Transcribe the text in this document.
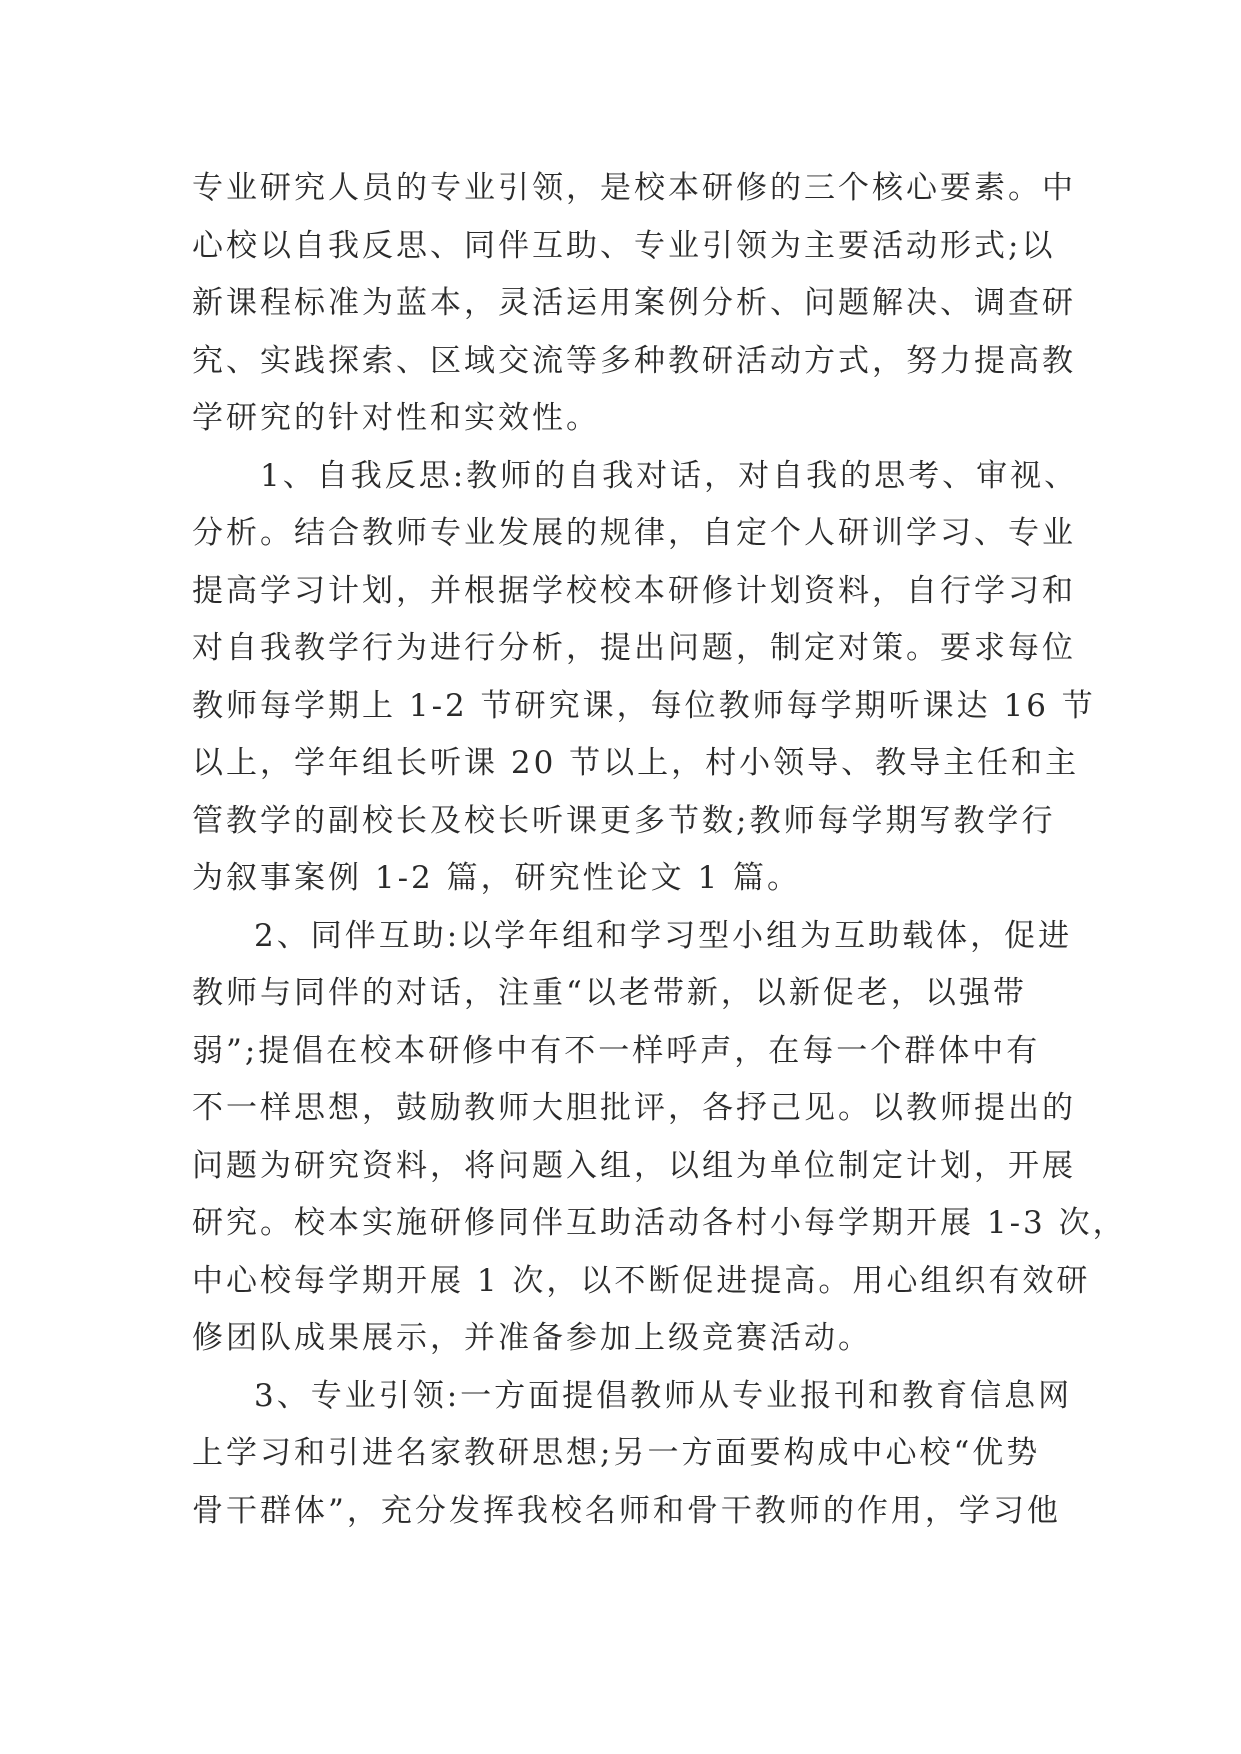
专业研究人员的专业引领，是校本研修的三个核心要素。中
心校以自我反思、同伴互助、专业引领为主要活动形式;以
新课程标准为蓝本，灵活运用案例分析、问题解决、调查研
究、实践探索、区域交流等多种教研活动方式，努力提高教
学研究的针对性和实效性。
1、自我反思:教师的自我对话，对自我的思考、审视、
分析。结合教师专业发展的规律，自定个人研训学习、专业
提高学习计划，并根据学校校本研修计划资料，自行学习和
对自我教学行为进行分析，提出问题，制定对策。要求每位
教师每学期上 1-2 节研究课，每位教师每学期听课达 16 节
以上，学年组长听课 20 节以上，村小领导、教导主任和主
管教学的副校长及校长听课更多节数;教师每学期写教学行
为叙事案例 1-2 篇，研究性论文 1 篇。
2、同伴互助:以学年组和学习型小组为互助载体，促进
教师与同伴的对话，注重“以老带新，以新促老，以强带
弱”;提倡在校本研修中有不一样呼声，在每一个群体中有
不一样思想，鼓励教师大胆批评，各抒己见。以教师提出的
问题为研究资料，将问题入组，以组为单位制定计划，开展
研究。校本实施研修同伴互助活动各村小每学期开展 1-3 次，
中心校每学期开展 1 次，以不断促进提高。用心组织有效研
修团队成果展示，并准备参加上级竞赛活动。
3、专业引领:一方面提倡教师从专业报刊和教育信息网
上学习和引进名家教研思想;另一方面要构成中心校“优势
骨干群体”，充分发挥我校名师和骨干教师的作用，学习他
